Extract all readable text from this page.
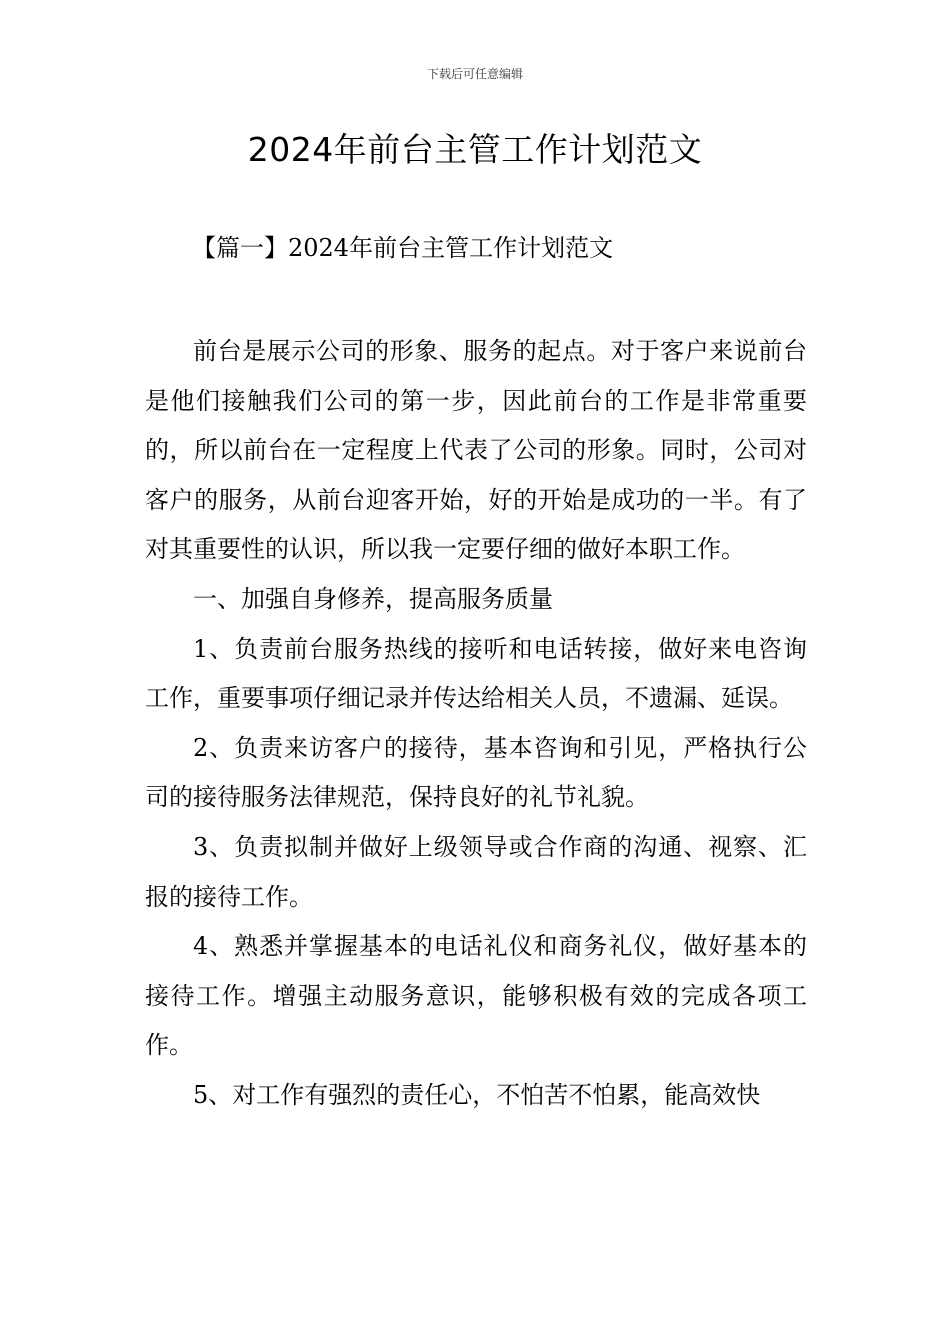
下载后可任意编辑
2024年前台主管工作计划范文
【篇一】2024年前台主管工作计划范文

前台是展示公司的形象、服务的起点。对于客户来说前台是他们接触我们公司的第一步，因此前台的工作是非常重要的，所以前台在一定程度上代表了公司的形象。同时，公司对客户的服务，从前台迎客开始，好的开始是成功的一半。有了对其重要性的认识，所以我一定要仔细的做好本职工作。

一、加强自身修养，提高服务质量

1、负责前台服务热线的接听和电话转接，做好来电咨询工作，重要事项仔细记录并传达给相关人员，不遗漏、延误。

2、负责来访客户的接待，基本咨询和引见，严格执行公司的接待服务法律规范，保持良好的礼节礼貌。

3、负责拟制并做好上级领导或合作商的沟通、视察、汇报的接待工作。

4、熟悉并掌握基本的电话礼仪和商务礼仪，做好基本的接待工作。增强主动服务意识，能够积极有效的完成各项工作。

5、对工作有强烈的责任心，不怕苦不怕累，能高效快
